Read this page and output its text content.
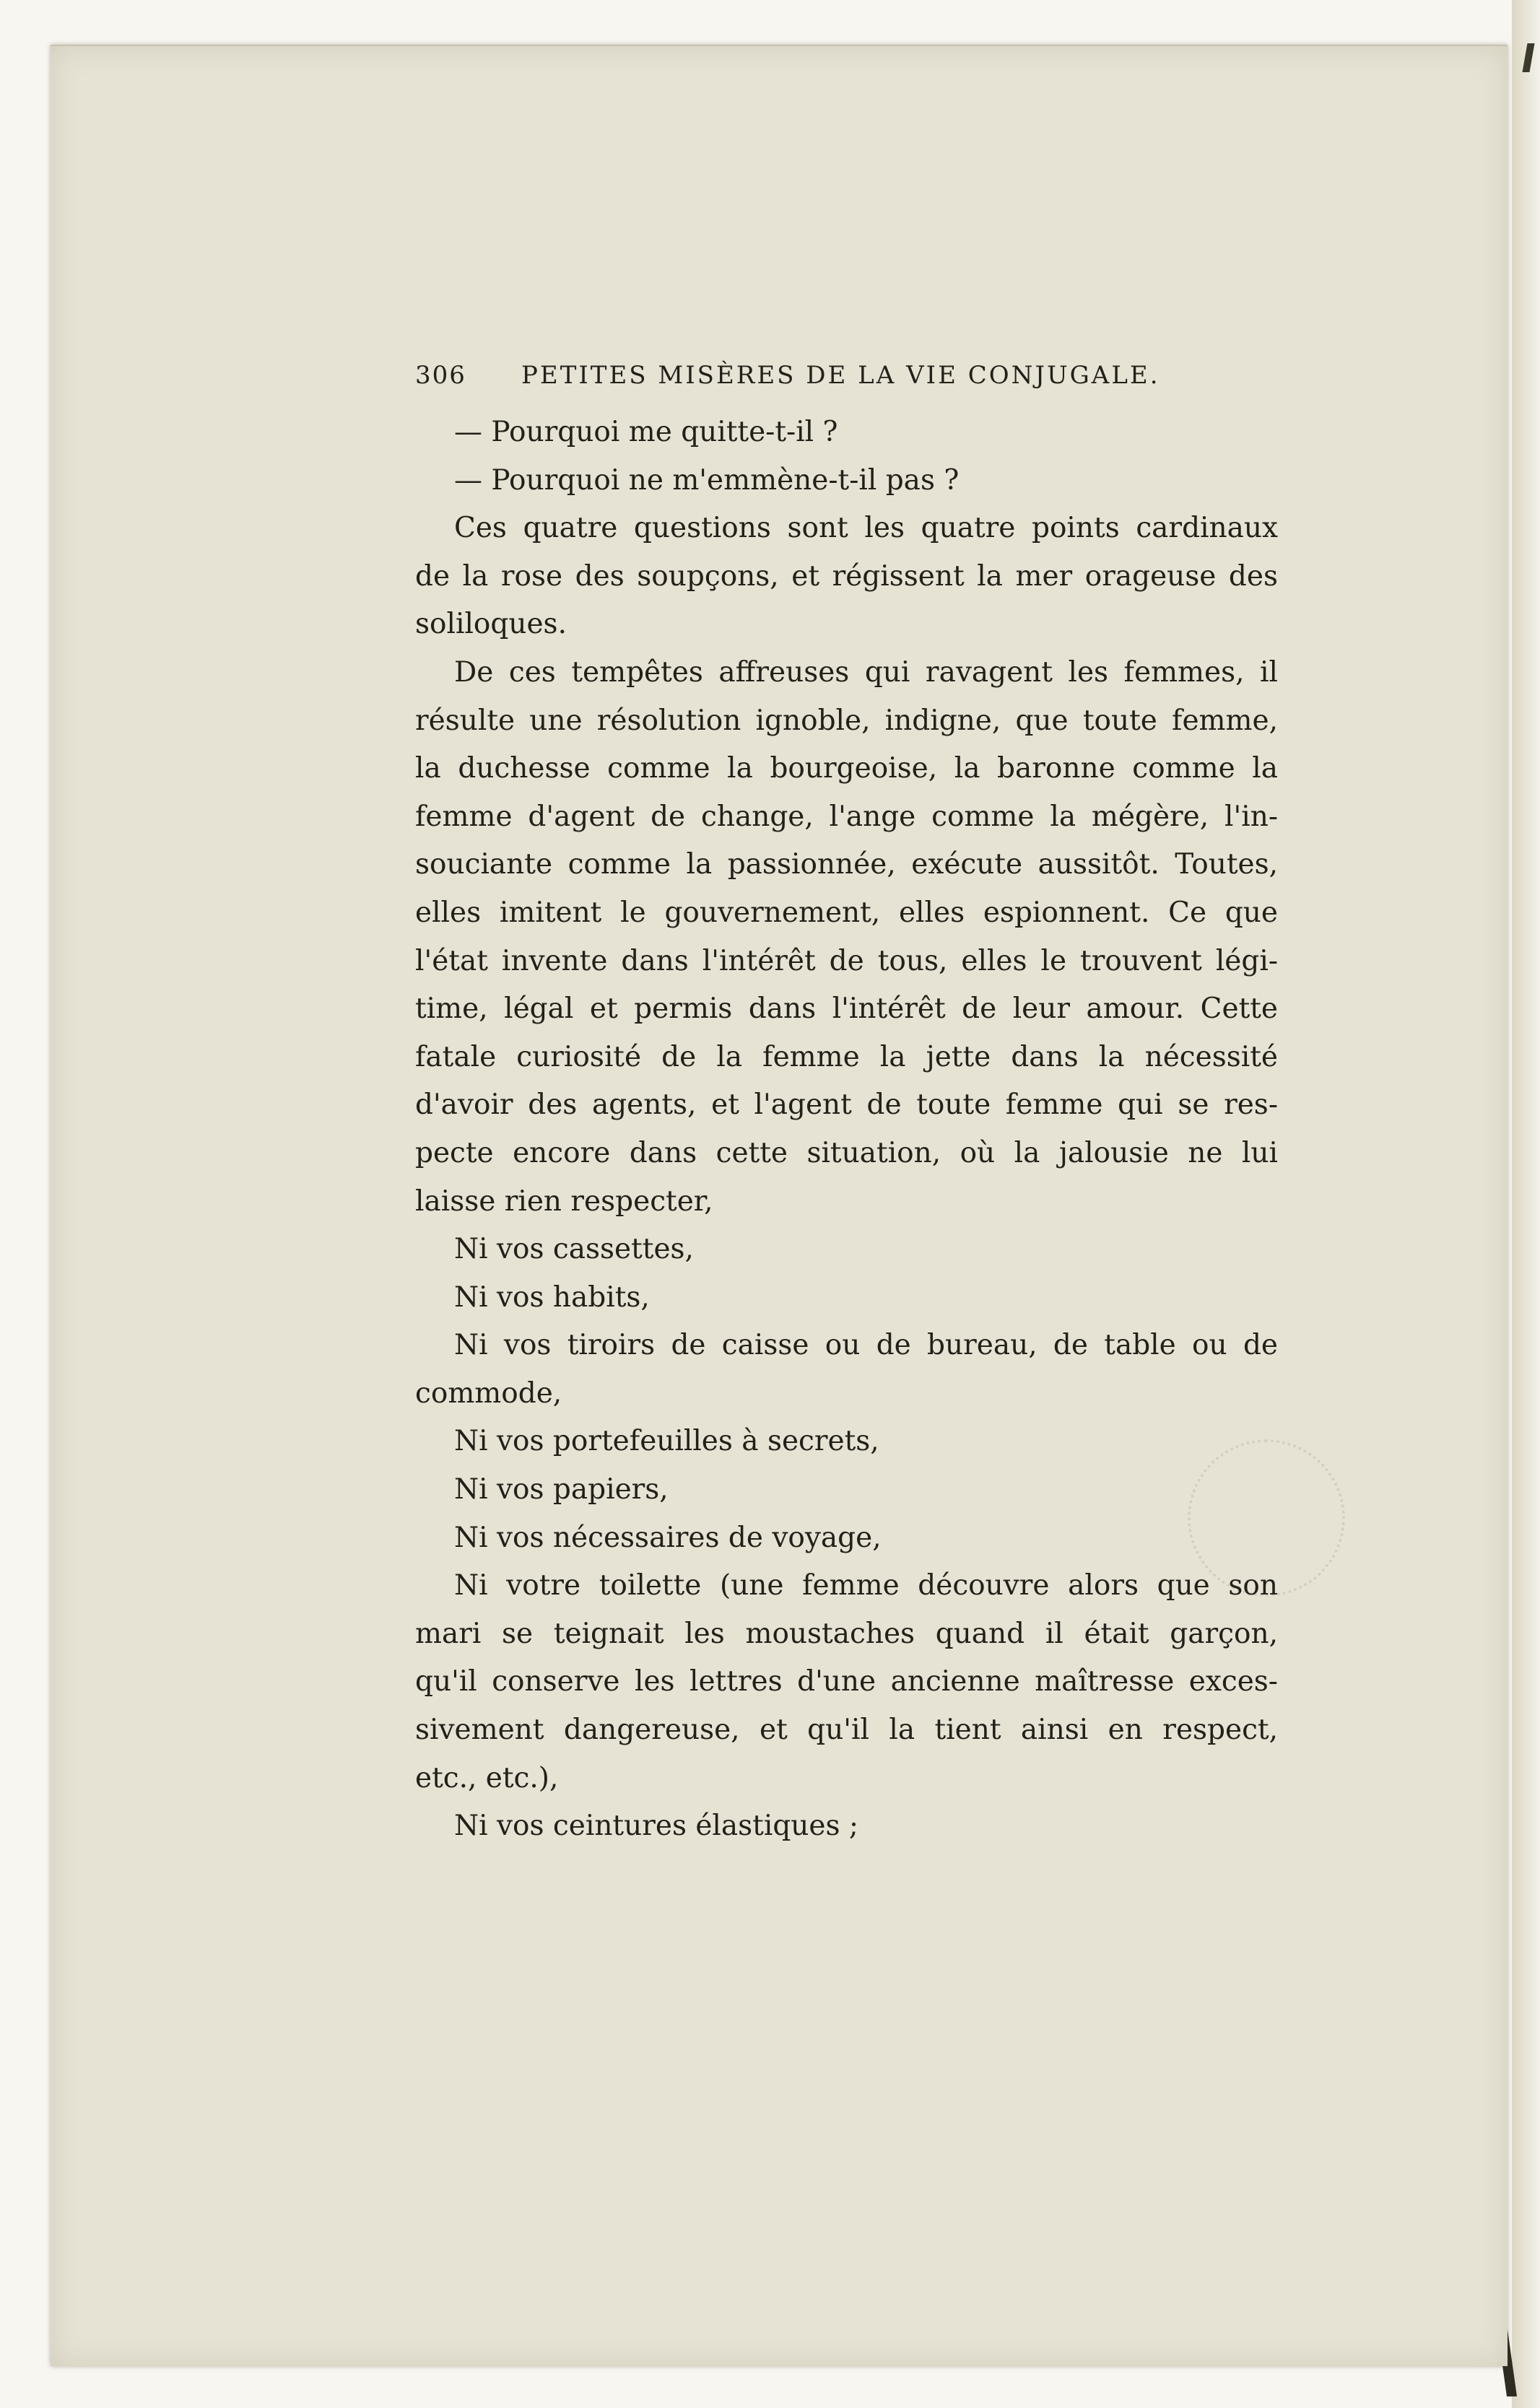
306	PETITES MISÈRES DE LA VIE CONJUGALE.
— Pourquoi me quitte-t-il ?
— Pourquoi ne m'emmène-t-il pas ?
Ces quatre questions sont les quatre points cardinaux
de la rose des soupçons, et régissent la mer orageuse des
soliloques.
De ces tempêtes affreuses qui ravagent les femmes, il
résulte une résolution ignoble, indigne, que toute femme,
la duchesse comme la bourgeoise, la baronne comme la
femme d'agent de change, l'ange comme la mégère, l'in-
souciante comme la passionnée, exécute aussitôt. Toutes,
elles imitent le gouvernement, elles espionnent. Ce que
l'état invente dans l'intérêt de tous, elles le trouvent légi-
time, légal et permis dans l'intérêt de leur amour. Cette
fatale curiosité de la femme la jette dans la nécessité
d'avoir des agents, et l'agent de toute femme qui se res-
pecte encore dans cette situation, où la jalousie ne lui
laisse rien respecter,
Ni vos cassettes,
Ni vos habits,
Ni vos tiroirs de caisse ou de bureau, de table ou de
commode,
Ni vos portefeuilles à secrets,
Ni vos papiers,
Ni vos nécessaires de voyage,
Ni votre toilette (une femme découvre alors que son
mari se teignait les moustaches quand il était garçon,
qu'il conserve les lettres d'une ancienne maîtresse exces-
sivement dangereuse, et qu'il la tient ainsi en respect,
etc., etc.),
Ni vos ceintures élastiques ;
